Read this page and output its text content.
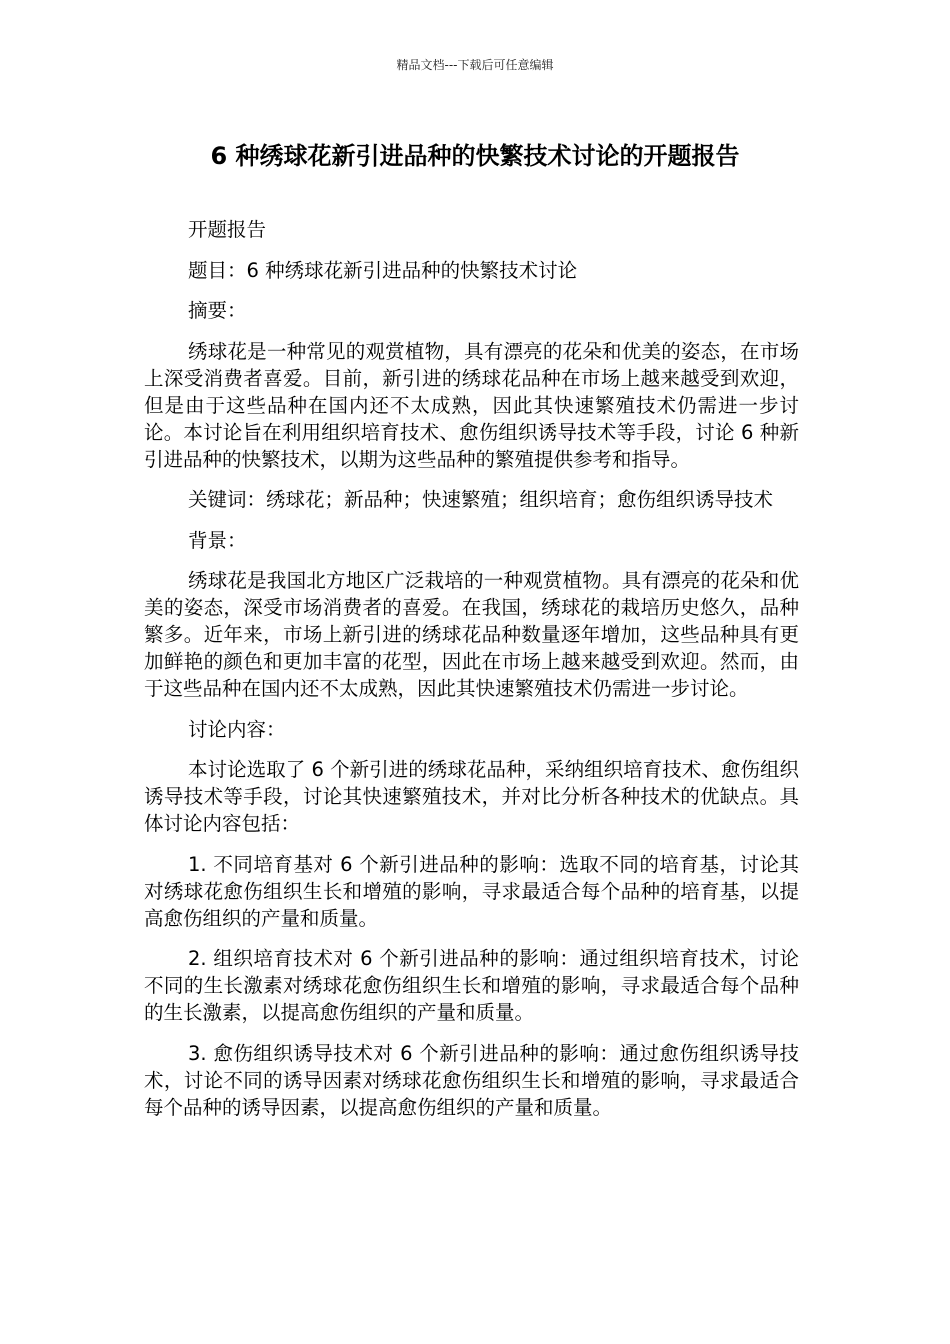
精品文档---下载后可任意编辑
6 种绣球花新引进品种的快繁技术讨论的开题报告

开题报告

题目：6 种绣球花新引进品种的快繁技术讨论

摘要：

绣球花是一种常见的观赏植物，具有漂亮的花朵和优美的姿态，在市场上深受消费者喜爱。目前，新引进的绣球花品种在市场上越来越受到欢迎，但是由于这些品种在国内还不太成熟，因此其快速繁殖技术仍需进一步讨论。本讨论旨在利用组织培育技术、愈伤组织诱导技术等手段，讨论 6 种新引进品种的快繁技术，以期为这些品种的繁殖提供参考和指导。

关键词：绣球花；新品种；快速繁殖；组织培育；愈伤组织诱导技术

背景：

绣球花是我国北方地区广泛栽培的一种观赏植物。具有漂亮的花朵和优美的姿态，深受市场消费者的喜爱。在我国，绣球花的栽培历史悠久，品种繁多。近年来，市场上新引进的绣球花品种数量逐年增加，这些品种具有更加鲜艳的颜色和更加丰富的花型，因此在市场上越来越受到欢迎。然而，由于这些品种在国内还不太成熟，因此其快速繁殖技术仍需进一步讨论。

讨论内容：

本讨论选取了 6 个新引进的绣球花品种，采纳组织培育技术、愈伤组织诱导技术等手段，讨论其快速繁殖技术，并对比分析各种技术的优缺点。具体讨论内容包括：

1. 不同培育基对 6 个新引进品种的影响：选取不同的培育基，讨论其对绣球花愈伤组织生长和增殖的影响，寻求最适合每个品种的培育基，以提高愈伤组织的产量和质量。

2. 组织培育技术对 6 个新引进品种的影响：通过组织培育技术，讨论不同的生长激素对绣球花愈伤组织生长和增殖的影响，寻求最适合每个品种的生长激素，以提高愈伤组织的产量和质量。

3. 愈伤组织诱导技术对 6 个新引进品种的影响：通过愈伤组织诱导技术，讨论不同的诱导因素对绣球花愈伤组织生长和增殖的影响，寻求最适合每个品种的诱导因素，以提高愈伤组织的产量和质量。
